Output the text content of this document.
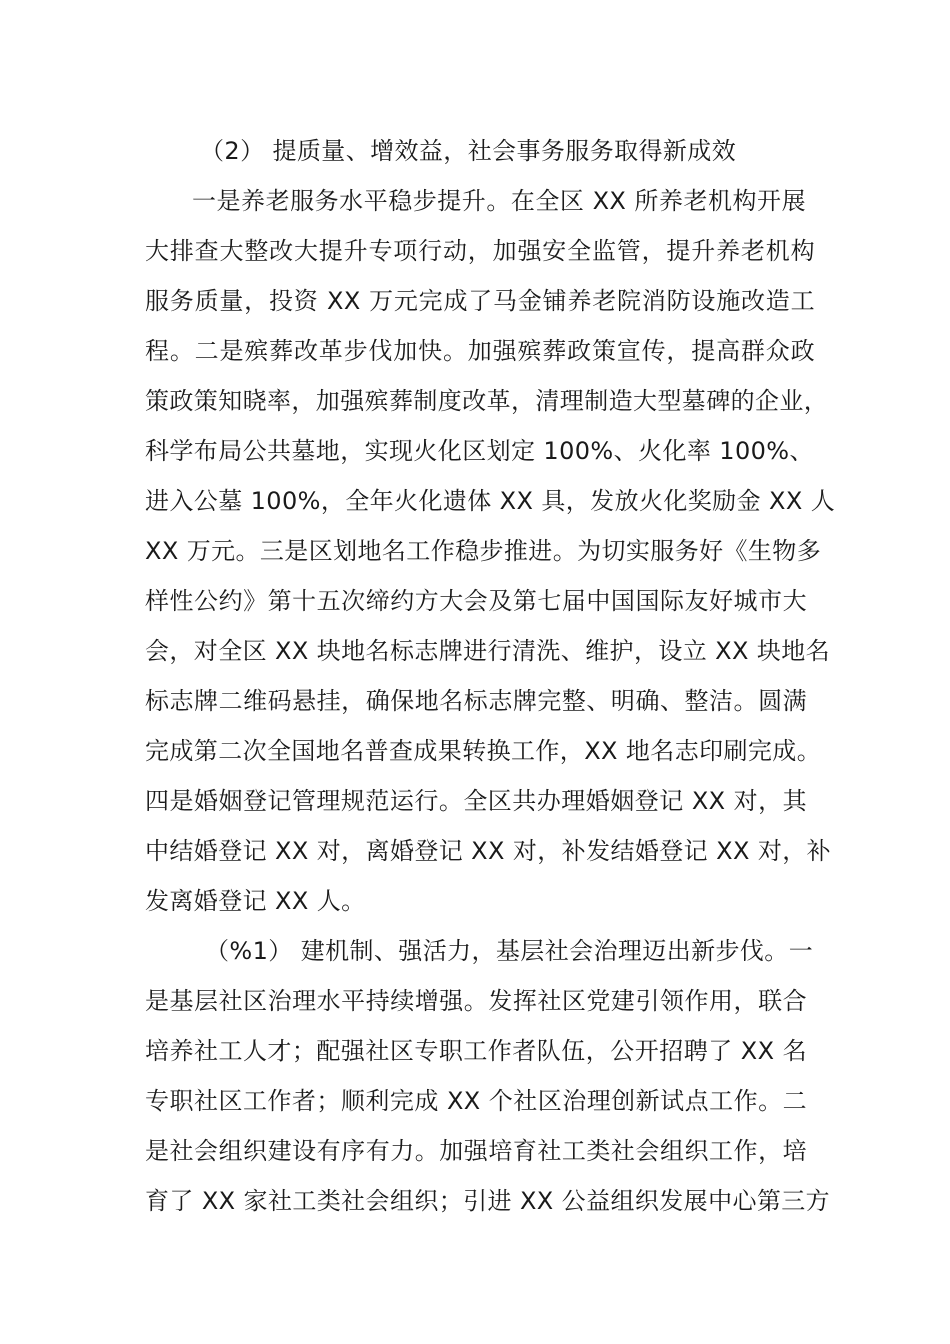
（2） 提质量、增效益，社会事务服务取得新成效
一是养老服务水平稳步提升。在全区 XX 所养老机构开展
大排查大整改大提升专项行动，加强安全监管，提升养老机构
服务质量，投资 XX 万元完成了马金铺养老院消防设施改造工
程。二是殡葬改革步伐加快。加强殡葬政策宣传，提高群众政
策政策知晓率，加强殡葬制度改革，清理制造大型墓碑的企业，
科学布局公共墓地，实现火化区划定 100%、火化率 100%、
进入公墓 100%，全年火化遗体 XX 具，发放火化奖励金 XX 人
XX 万元。三是区划地名工作稳步推进。为切实服务好《生物多
样性公约》第十五次缔约方大会及第七届中国国际友好城市大
会，对全区 XX 块地名标志牌进行清洗、维护，设立 XX 块地名
标志牌二维码悬挂，确保地名标志牌完整、明确、整洁。圆满
完成第二次全国地名普查成果转换工作，XX 地名志印刷完成。
四是婚姻登记管理规范运行。全区共办理婚姻登记 XX 对，其
中结婚登记 XX 对，离婚登记 XX 对，补发结婚登记 XX 对，补
发离婚登记 XX 人。
（%1） 建机制、强活力，基层社会治理迈出新步伐。一
是基层社区治理水平持续增强。发挥社区党建引领作用，联合
培养社工人才；配强社区专职工作者队伍，公开招聘了 XX 名
专职社区工作者；顺利完成 XX 个社区治理创新试点工作。二
是社会组织建设有序有力。加强培育社工类社会组织工作，培
育了 XX 家社工类社会组织；引进 XX 公益组织发展中心第三方
